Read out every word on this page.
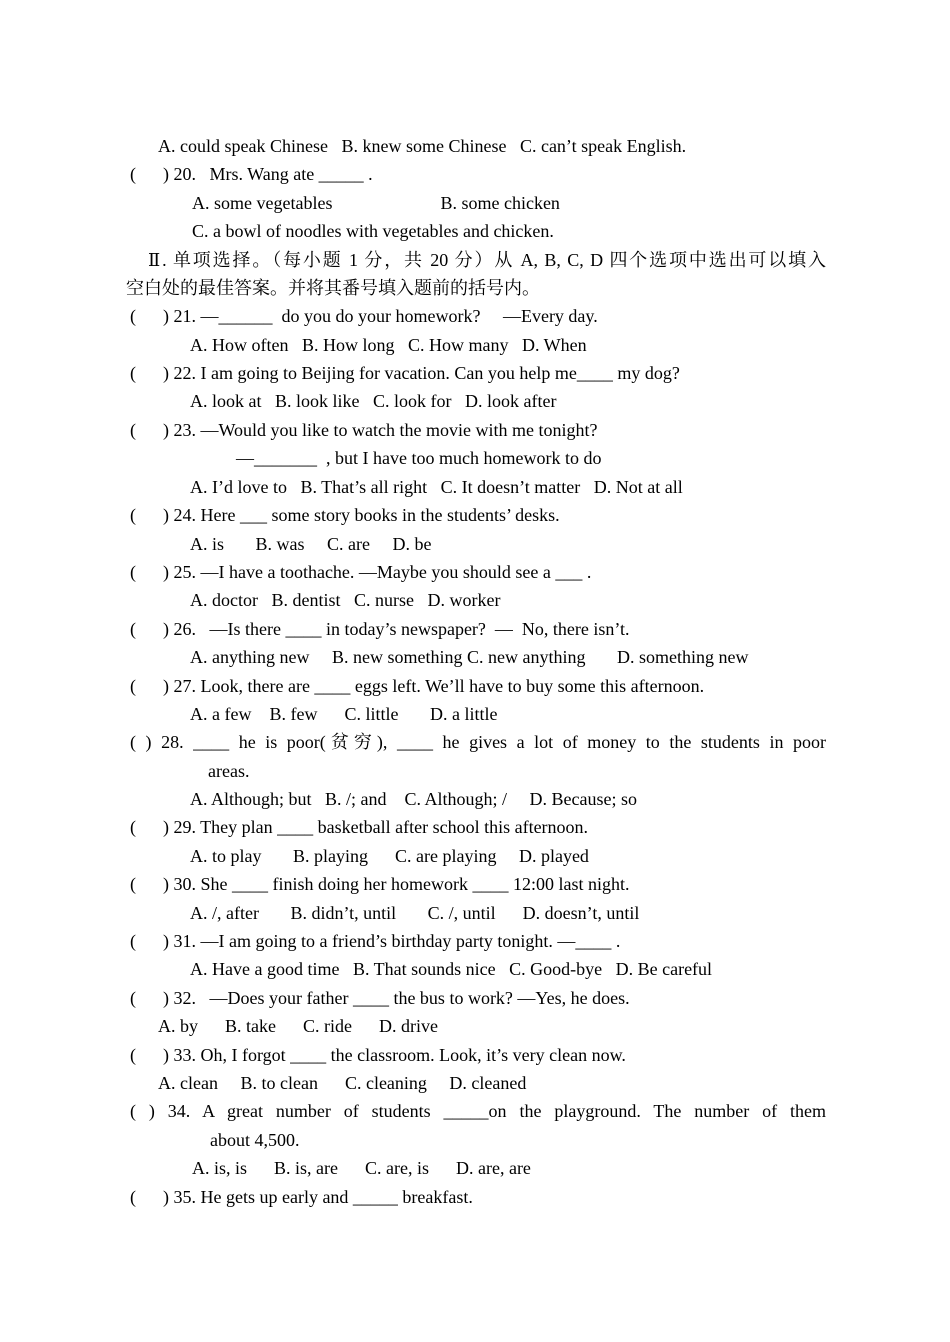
A. could speak Chinese   B. knew some Chinese   C. can’t speak English.
(      ) 20.   Mrs. Wang ate _____ .
A. some vegetables                        B. some chicken
C. a bowl of noodles with vegetables and chicken.
Ⅱ. 单项选择。（每小题 1 分，共 20 分）从 A, B, C, D 四个选项中选出可以填入
空白处的最佳答案。并将其番号填入题前的括号内。
(      ) 21. —______  do you do your homework?     —Every day.
A. How often   B. How long   C. How many   D. When
(      ) 22. I am going to Beijing for vacation. Can you help me____ my dog?
A. look at   B. look like   C. look for   D. look after
(      ) 23. —Would you like to watch the movie with me tonight?
—_______  , but I have too much homework to do
A. I’d love to   B. That’s all right   C. It doesn’t matter   D. Not at all
(      ) 24. Here ___ some story books in the students’ desks.
A. is       B. was     C. are     D. be
(      ) 25. —I have a toothache. —Maybe you should see a ___ .
A. doctor   B. dentist   C. nurse   D. worker
(      ) 26.   —Is there ____ in today’s newspaper?  —  No, there isn’t.
A. anything new     B. new something C. new anything       D. something new
(      ) 27. Look, there are ____ eggs left. We’ll have to buy some this afternoon.
A. a few    B. few      C. little       D. a little
( ) 28. ____ he is poor(贫穷), ____ he gives a lot of money to the students in poor
areas.
A. Although; but   B. /; and    C. Although; /     D. Because; so
(      ) 29. They plan ____ basketball after school this afternoon.
A. to play       B. playing      C. are playing     D. played
(      ) 30. She ____ finish doing her homework ____ 12:00 last night.
A. /, after       B. didn’t, until       C. /, until      D. doesn’t, until
(      ) 31. —I am going to a friend’s birthday party tonight. —____ .
A. Have a good time   B. That sounds nice   C. Good-bye   D. Be careful
(      ) 32.   —Does your father ____ the bus to work? —Yes, he does.
A. by      B. take      C. ride      D. drive
(      ) 33. Oh, I forgot ____ the classroom. Look, it’s very clean now.
A. clean     B. to clean      C. cleaning     D. cleaned
( ) 34. A great number of students _____on the playground. The number of them
about 4,500.
A. is, is      B. is, are      C. are, is      D. are, are
(      ) 35. He gets up early and _____ breakfast.
